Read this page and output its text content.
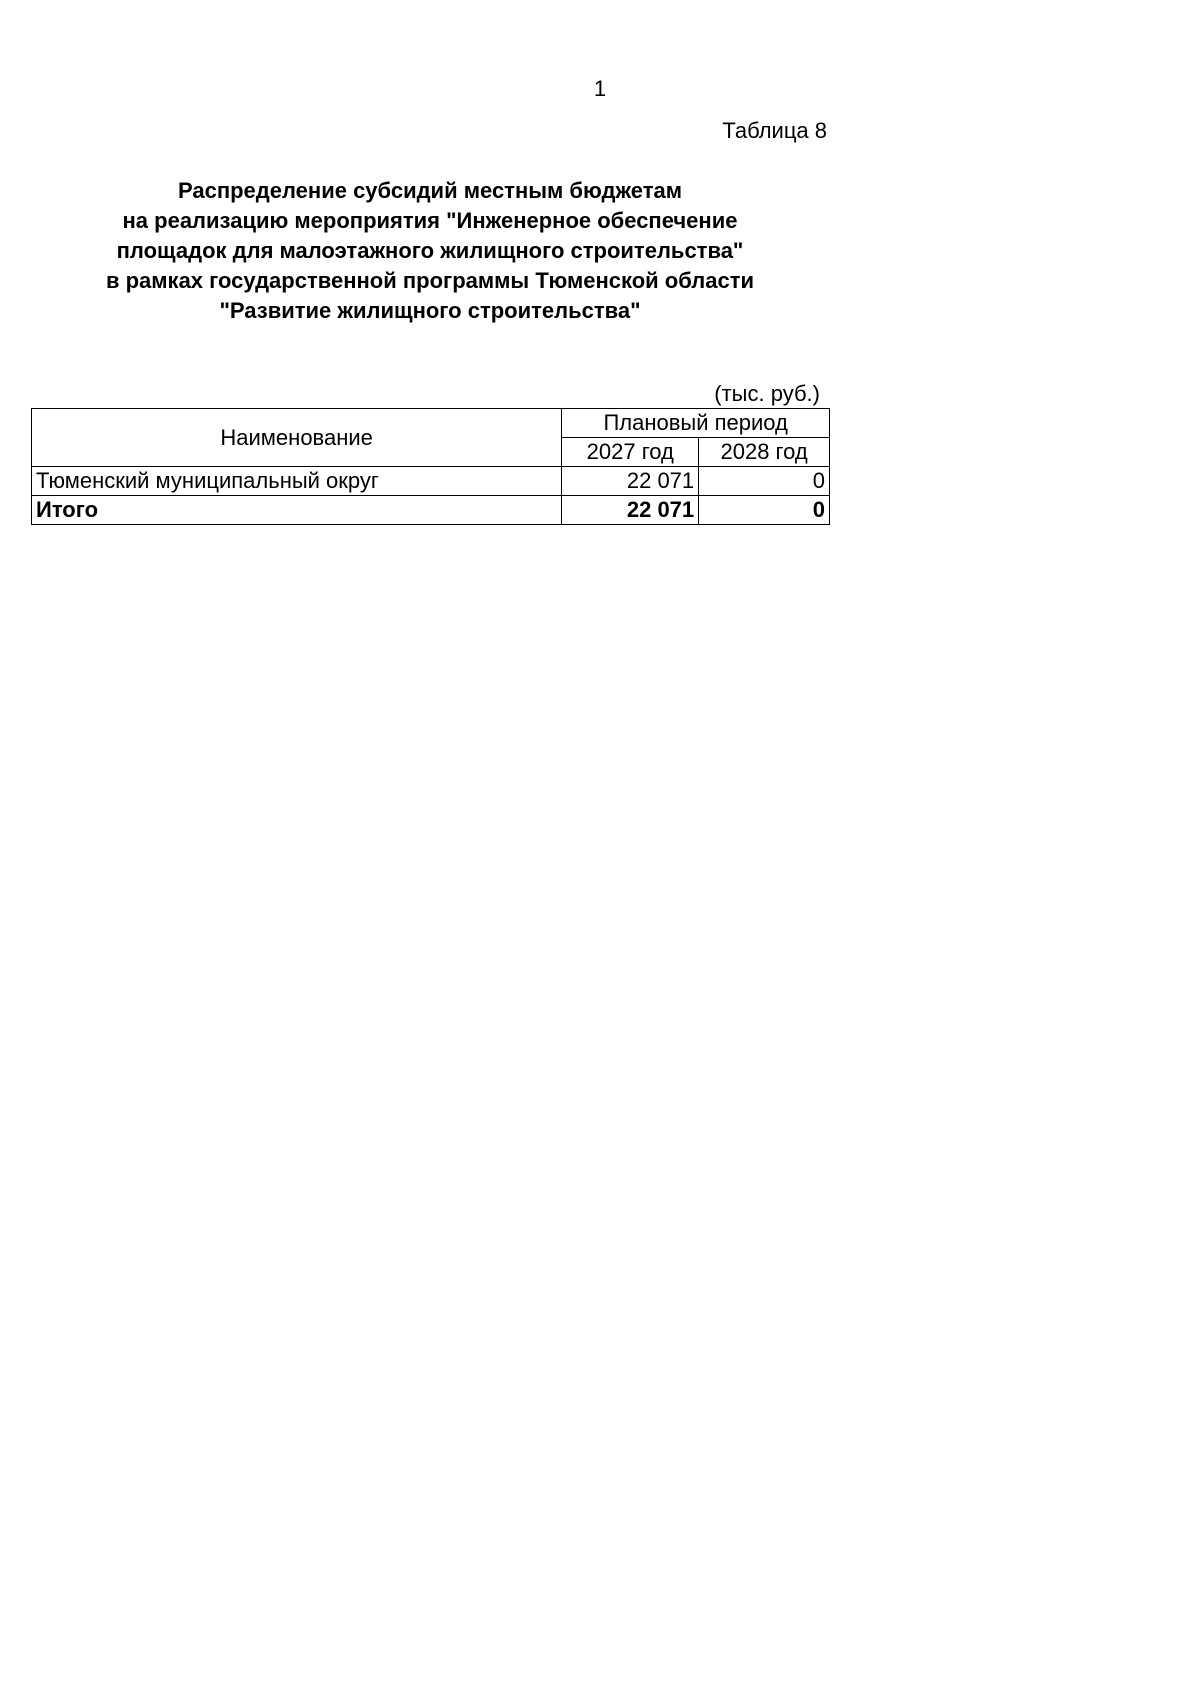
1
Таблица 8
Распределение субсидий местным бюджетам
на реализацию мероприятия "Инженерное обеспечение
площадок для малоэтажного жилищного строительства"
в рамках государственной программы Тюменской области
"Развитие жилищного строительства"
(тыс. руб.)
Наименование	Плановый период	
	2027 год	2028 год
Тюменский муниципальный округ	22 071	0
Итого	22 071	0
